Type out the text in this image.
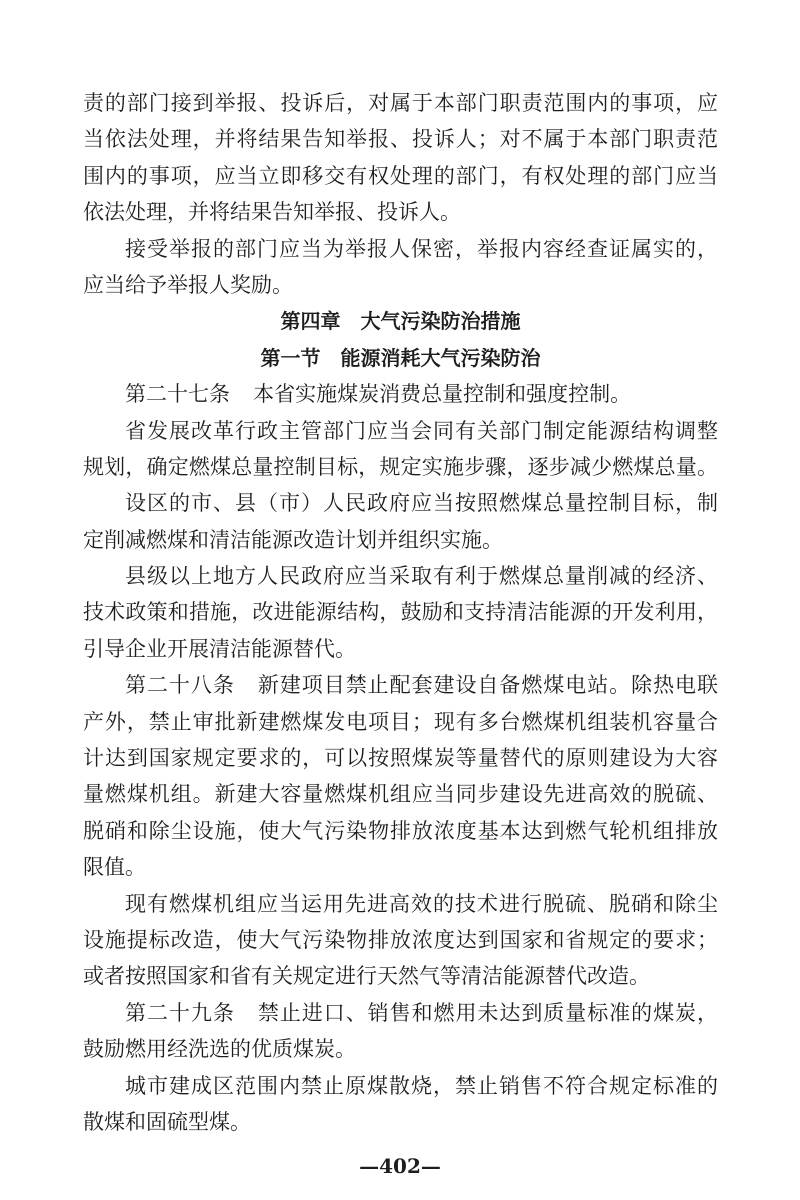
责的部门接到举报、投诉后，对属于本部门职责范围内的事项，应
当依法处理，并将结果告知举报、投诉人；对不属于本部门职责范
围内的事项，应当立即移交有权处理的部门，有权处理的部门应当
依法处理，并将结果告知举报、投诉人。
接受举报的部门应当为举报人保密，举报内容经查证属实的，
应当给予举报人奖励。
第四章　大气污染防治措施
第一节　能源消耗大气污染防治
第二十七条 本省实施煤炭消费总量控制和强度控制。
省发展改革行政主管部门应当会同有关部门制定能源结构调整
规划，确定燃煤总量控制目标，规定实施步骤，逐步减少燃煤总量。
设区的市、县（市）人民政府应当按照燃煤总量控制目标，制
定削减燃煤和清洁能源改造计划并组织实施。
县级以上地方人民政府应当采取有利于燃煤总量削减的经济、
技术政策和措施，改进能源结构，鼓励和支持清洁能源的开发利用，
引导企业开展清洁能源替代。
第二十八条 新建项目禁止配套建设自备燃煤电站。除热电联
产外，禁止审批新建燃煤发电项目；现有多台燃煤机组装机容量合
计达到国家规定要求的，可以按照煤炭等量替代的原则建设为大容
量燃煤机组。新建大容量燃煤机组应当同步建设先进高效的脱硫、
脱硝和除尘设施，使大气污染物排放浓度基本达到燃气轮机组排放
限值。
现有燃煤机组应当运用先进高效的技术进行脱硫、脱硝和除尘
设施提标改造，使大气污染物排放浓度达到国家和省规定的要求；
或者按照国家和省有关规定进行天然气等清洁能源替代改造。
第二十九条 禁止进口、销售和燃用未达到质量标准的煤炭，
鼓励燃用经洗选的优质煤炭。
城市建成区范围内禁止原煤散烧，禁止销售不符合规定标准的
散煤和固硫型煤。
—402—
